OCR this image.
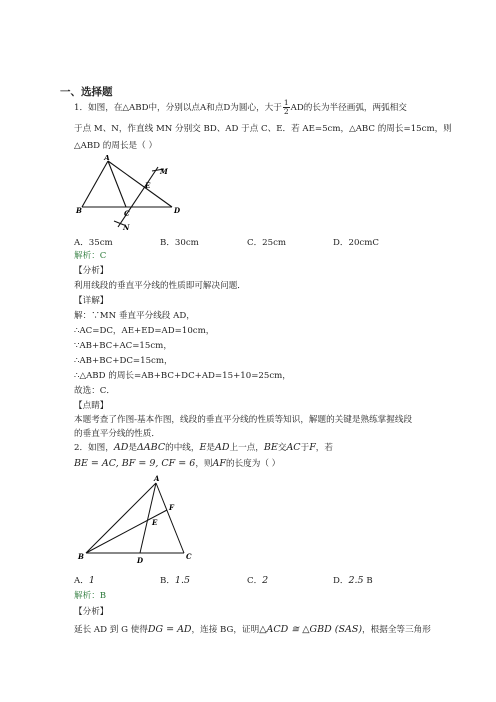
一、选择题
1．如图，在△ABD中，分别以点A和点D为圆心，大于 $\frac{1}{2}$ AD的长为半径画弧，两弧相交
于点 M、N，作直线 MN 分别交 BD、AD 于点 C、E．若 AE=5cm，△ABC 的周长=15cm，则
△ABD 的周长是（ ）
A
B	C	D
E
M
N
A．35cm	B．30cm	C．25cm	D．20cmC
解析：C
【分析】
利用线段的垂直平分线的性质即可解决问题．
【详解】
解：∵MN 垂直平分线段 AD，
∴AC=DC，AE+ED=AD=10cm，
∵AB+BC+AC=15cm，
∴AB+BC+DC=15cm，
∴△ABD 的周长=AB+BC+DC+AD=15+10=25cm，
故选：C．
【点睛】
本题考查了作图-基本作图，线段的垂直平分线的性质等知识，解题的关键是熟练掌握线段
的垂直平分线的性质．
2．如图，AD是ΔABC的中线，E是AD上一点，BE交AC于F，若
BE = AC, BF = 9, CF = 6，则AF的长度为（ ）
A
B	C
D
E
F
A．1	B．1.5	C．2	D．2.5 B
解析：B
【分析】
延长 AD 到 G 使得DG = AD，连接 BG，证明△ACD ≅ △GBD (SAS)，根据全等三角形
